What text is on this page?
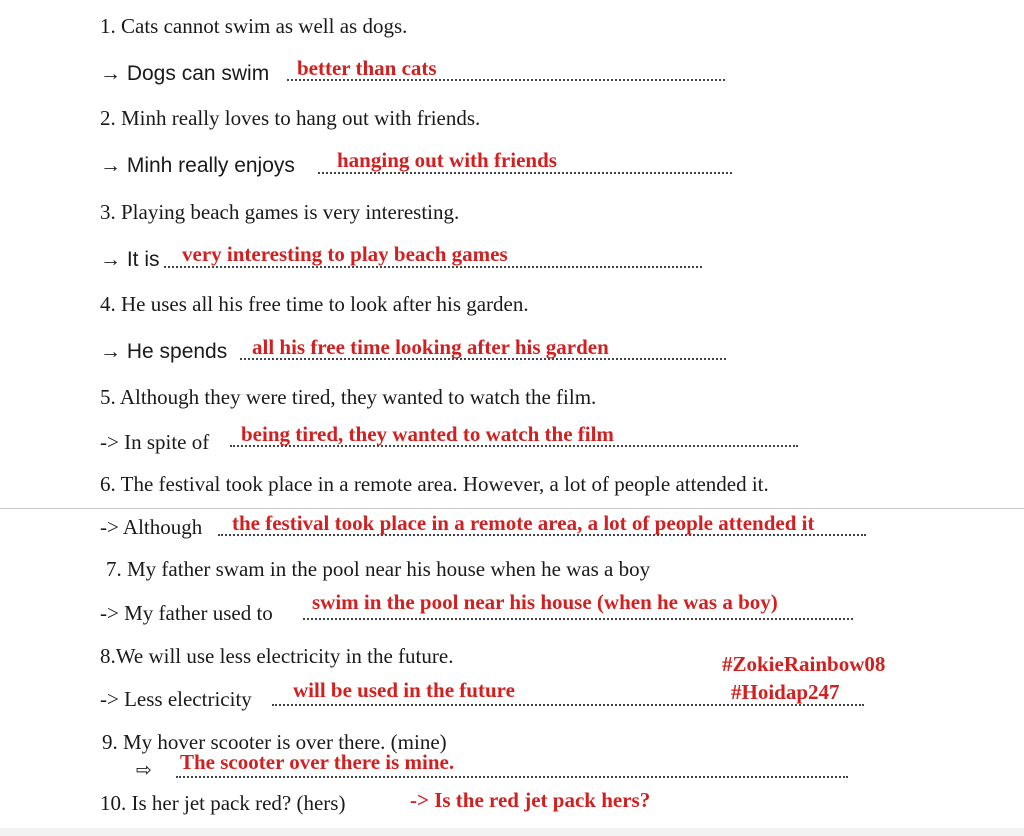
1. Cats cannot swim as well as dogs.
→ Dogs can swim better than cats
2. Minh really loves to hang out with friends.
→ Minh really enjoys hanging out with friends
3. Playing beach games is very interesting.
→ It is very interesting to play beach games
4. He uses all his free time to look after his garden.
→ He spends all his free time looking after his garden
5. Although they were tired, they wanted to watch the film.
-> In spite of being tired, they wanted to watch the film
6. The festival took place in a remote area. However, a lot of people attended it.
-> Although the festival took place in a remote area, a lot of people attended it
7. My father swam in the pool near his house when he was a boy
-> My father used to swim in the pool near his house (when he was a boy)
8.We will use less electricity in the future.	#ZokieRainbow08
-> Less electricity will be used in the future	#Hoidap247
9. My hover scooter is over there. (mine)
⇨ The scooter over there is mine.
10. Is her jet pack red? (hers)	-> Is the red jet pack hers?
